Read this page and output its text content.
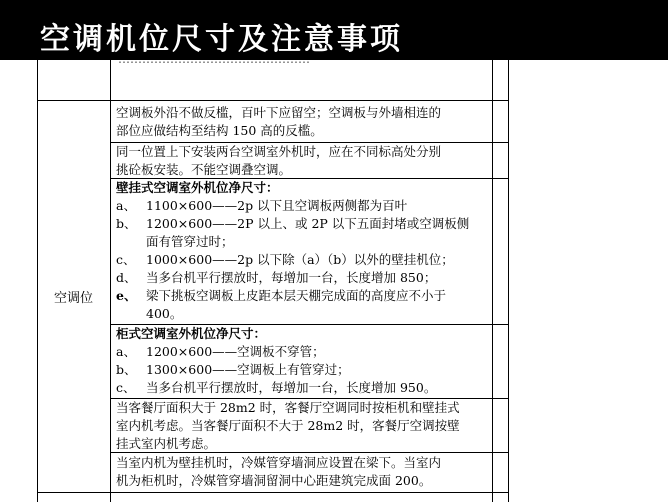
空调机位尺寸及注意事项
空调位
空调板外沿不做反槛，百叶下应留空；空调板与外墙相连的
部位应做结构至结构 150 高的反槛。
同一位置上下安装两台空调室外机时，应在不同标高处分别
挑砼板安装。不能空调叠空调。
壁挂式空调室外机位净尺寸：
a、 1100×600——2p 以下且空调板两侧都为百叶
b、 1200×600——2P 以上、或 2P 以下五面封堵或空调板侧
面有管穿过时；
c、 1000×600——2p 以下除（a）（b）以外的壁挂机位；
d、 当多台机平行摆放时，每增加一台，长度增加 850；
e、 梁下挑板空调板上皮距本层天棚完成面的高度应不小于
400。
柜式空调室外机位净尺寸：
a、 1200×600——空调板不穿管；
b、 1300×600——空调板上有管穿过；
c、 当多台机平行摆放时，每增加一台，长度增加 950。
当客餐厅面积大于 28m2 时，客餐厅空调同时按柜机和壁挂式
室内机考虑。当客餐厅面积不大于 28m2 时，客餐厅空调按壁
挂式室内机考虑。
当室内机为壁挂机时，冷媒管穿墙洞应设置在梁下。当室内
机为柜机时，冷媒管穿墙洞留洞中心距建筑完成面 200。
